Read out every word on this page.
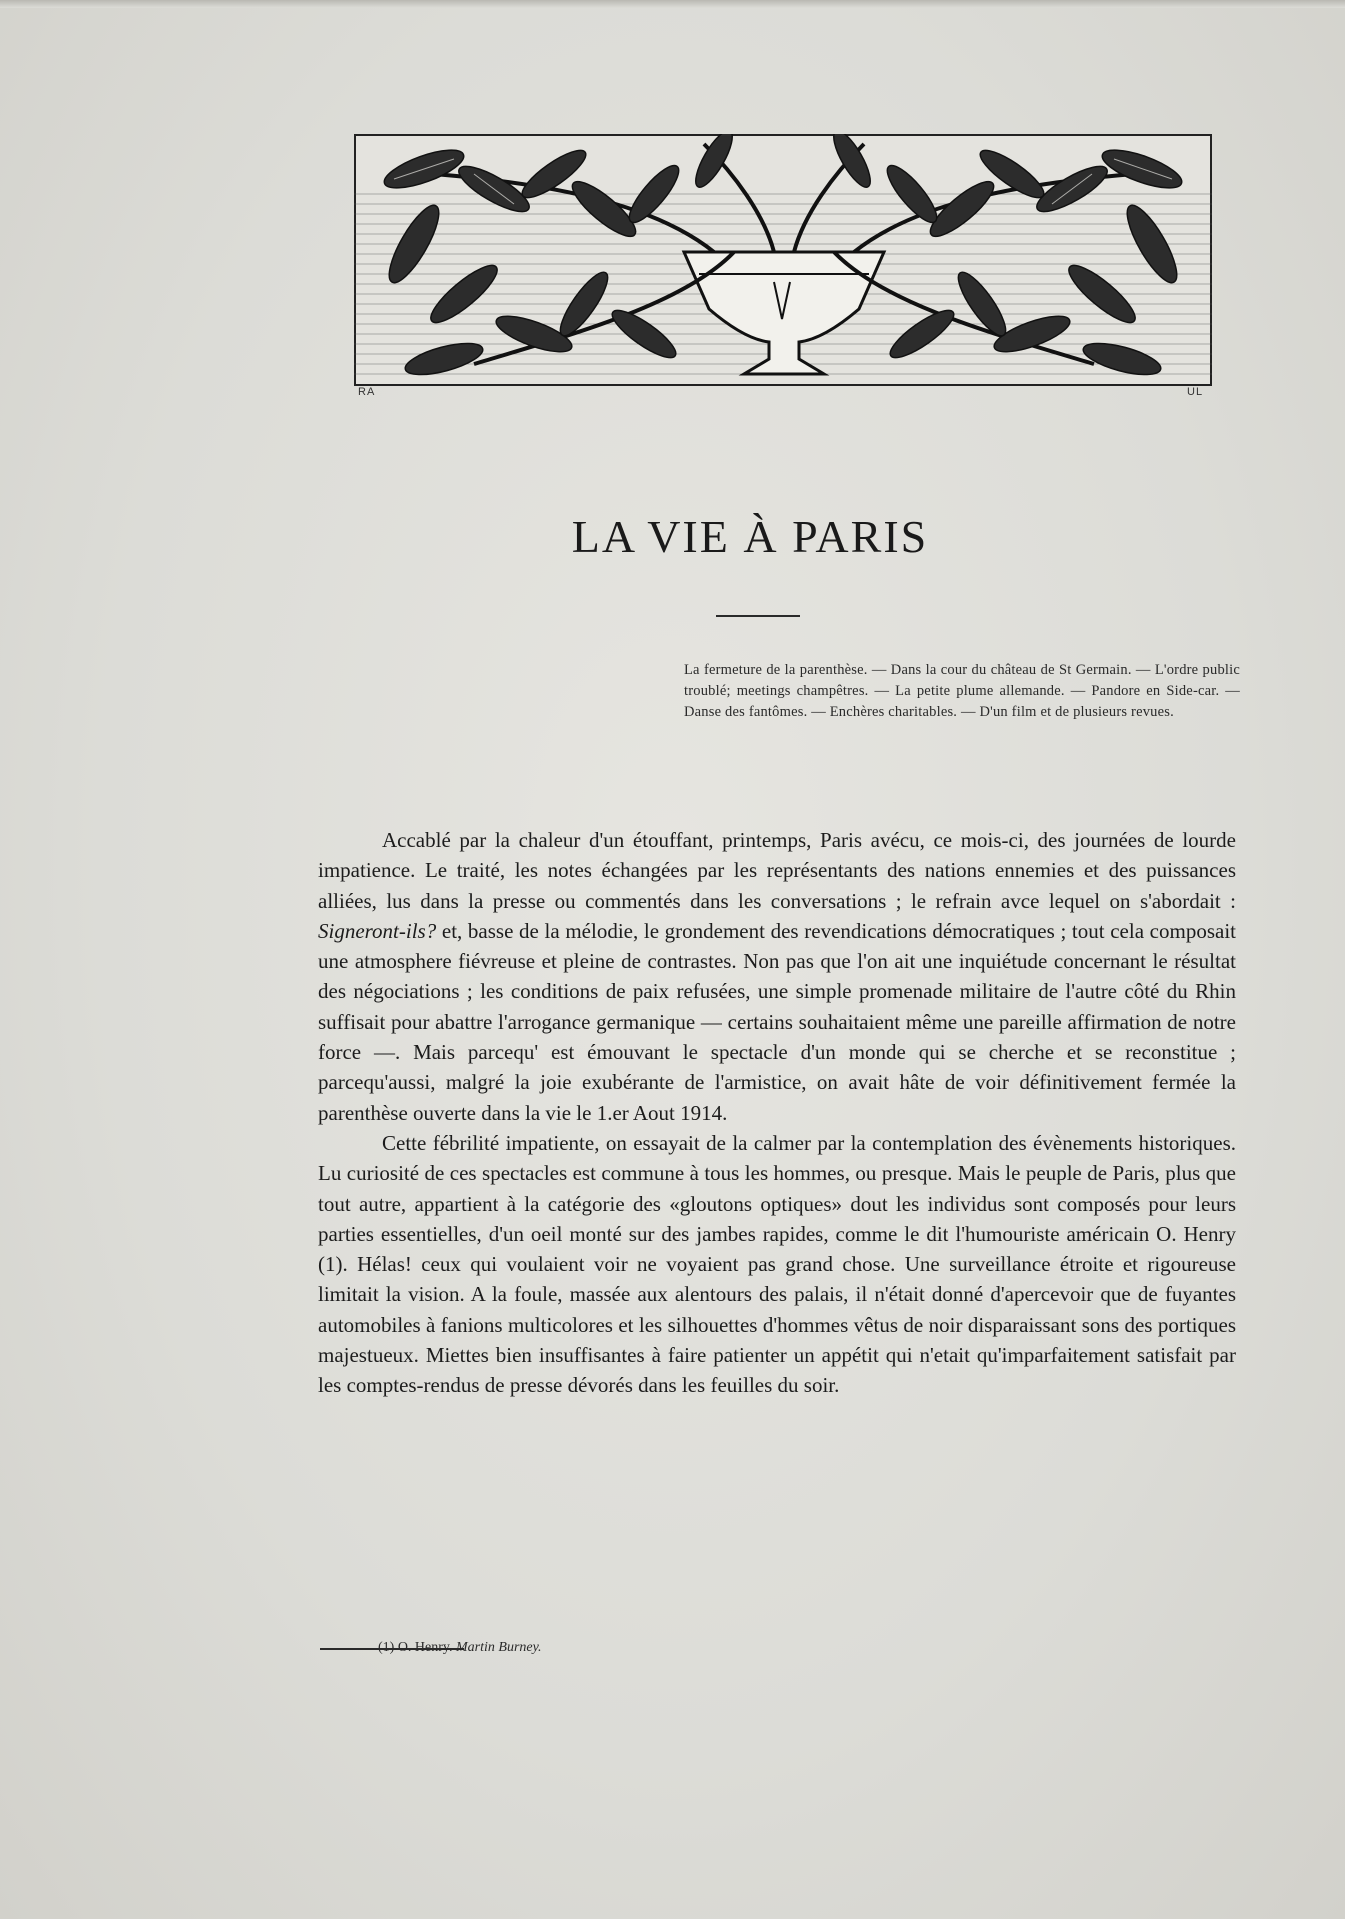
RA	UL
LA VIE À PARIS
La fermeture de la parenthèse. — Dans la cour du château de St Germain. — L'ordre public troublé; meetings champêtres. — La petite plume allemande. — Pandore en Side-car. — Danse des fantômes. — Enchères charitables. — D'un film et de plusieurs revues.

Accablé par la chaleur d'un étouffant, printemps, Paris avécu, ce mois-ci, des journées de lourde impatience. Le traité, les notes échangées par les représentants des nations ennemies et des puissances alliées, lus dans la presse ou commentés dans les conversations ; le refrain avce lequel on s'abordait : Signeront-ils? et, basse de la mélodie, le grondement des revendications démocratiques ; tout cela composait une atmosphere fiévreuse et pleine de contrastes. Non pas que l'on ait une inquiétude concernant le résultat des négociations ; les conditions de paix refusées, une simple promenade militaire de l'autre côté du Rhin suffisait pour abattre l'arrogance germanique — certains souhaitaient même une pareille affirmation de notre force —. Mais parcequ' est émouvant le spectacle d'un monde qui se cherche et se reconstitue ; parcequ'aussi, malgré la joie exubérante de l'armistice, on avait hâte de voir définitivement fermée la parenthèse ouverte dans la vie le 1.er Aout 1914.

Cette fébrilité impatiente, on essayait de la calmer par la contemplation des évènements historiques. Lu curiosité de ces spectacles est commune à tous les hommes, ou presque. Mais le peuple de Paris, plus que tout autre, appartient à la catégorie des «gloutons optiques» dout les individus sont composés pour leurs parties essentielles, d'un oeil monté sur des jambes rapides, comme le dit l'humouriste américain O. Henry (1). Hélas! ceux qui voulaient voir ne voyaient pas grand chose. Une surveillance étroite et rigoureuse limitait la vision. A la foule, massée aux alentours des palais, il n'était donné d'apercevoir que de fuyantes automobiles à fanions multicolores et les silhouettes d'hommes vêtus de noir disparaissant sons des portiques majestueux. Miettes bien insuffisantes à faire patienter un appétit qui n'etait qu'imparfaitement satisfait par les comptes-rendus de presse dévorés dans les feuilles du soir.

(1) O. Henry. Martin Burney.
